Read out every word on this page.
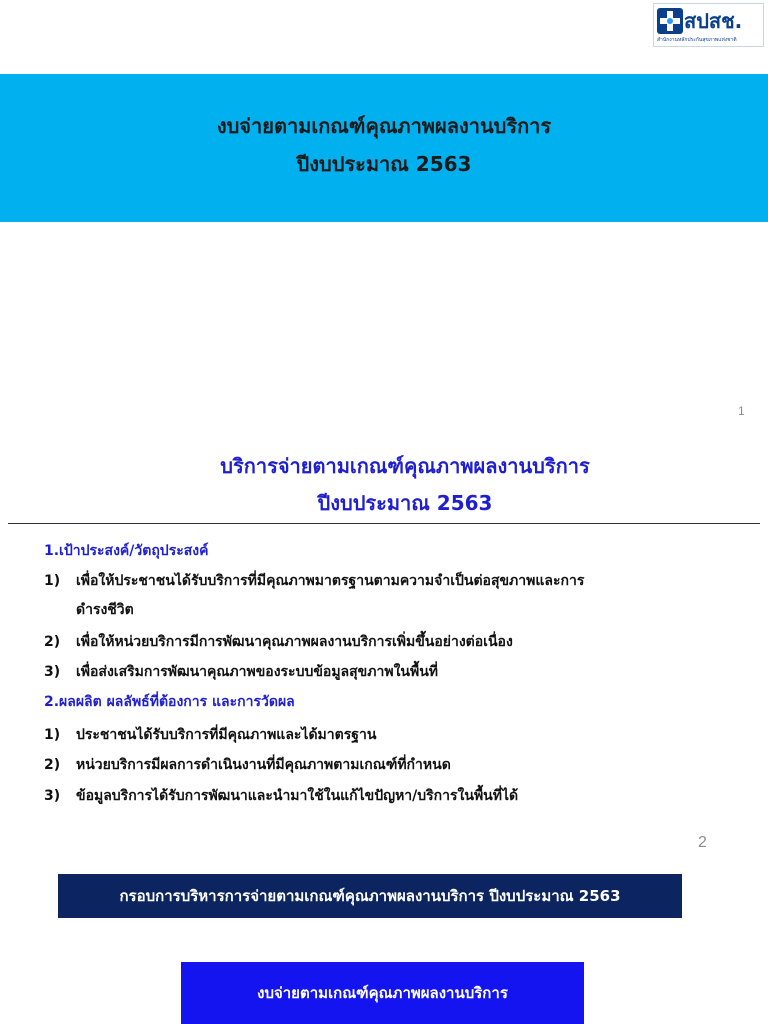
สปสช.
สำนักงานหลักประกันสุขภาพแห่งชาติ
งบจ่ายตามเกณฑ์คุณภาพผลงานบริการ
ปีงบประมาณ 2563
1
บริการจ่ายตามเกณฑ์คุณภาพผลงานบริการ
ปีงบประมาณ 2563
1.เป้าประสงค์/วัตถุประสงค์
1) เพื่อให้ประชาชนได้รับบริการที่มีคุณภาพมาตรฐานตามความจำเป็นต่อสุขภาพและการ
ดำรงชีวิต
2) เพื่อให้หน่วยบริการมีการพัฒนาคุณภาพผลงานบริการเพิ่มขึ้นอย่างต่อเนื่อง
3) เพื่อส่งเสริมการพัฒนาคุณภาพของระบบข้อมูลสุขภาพในพื้นที่
2.ผลผลิต ผลลัพธ์ที่ต้องการ และการวัดผล
1) ประชาชนได้รับบริการที่มีคุณภาพและได้มาตรฐาน
2) หน่วยบริการมีผลการดำเนินงานที่มีคุณภาพตามเกณฑ์ที่กำหนด
3) ข้อมูลบริการได้รับการพัฒนาและนำมาใช้ในแก้ไขปัญหา/บริการในพื้นที่ได้
2
กรอบการบริหารการจ่ายตามเกณฑ์คุณภาพผลงานบริการ ปีงบประมาณ 2563
งบจ่ายตามเกณฑ์คุณภาพผลงานบริการ
